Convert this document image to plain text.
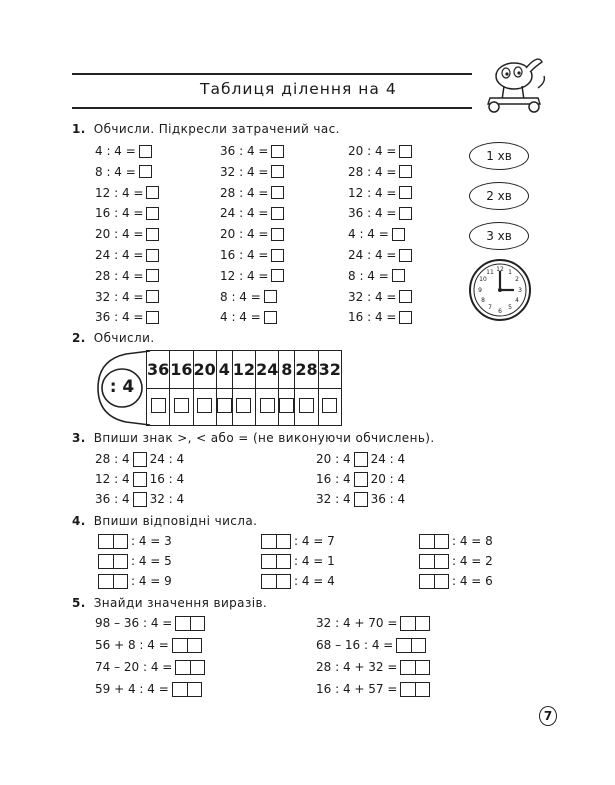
Таблиця ділення на 4
1. Обчисли. Підкресли затрачений час.
4 : 4 =
8 : 4 =
12 : 4 =
16 : 4 =
20 : 4 =
24 : 4 =
28 : 4 =
32 : 4 =
36 : 4 =
36 : 4 =
32 : 4 =
28 : 4 =
24 : 4 =
20 : 4 =
16 : 4 =
12 : 4 =
8 : 4 =
4 : 4 =
20 : 4 =
28 : 4 =
12 : 4 =
36 : 4 =
4 : 4 =
24 : 4 =
8 : 4 =
32 : 4 =
16 : 4 =
1 хв
2 хв
3 хв
12 1
2
3
4
5
6
7
8
9
10
11
2. Обчисли.
: 4
36	16	20	4	12	24	8	28	32

3. Впиши знак >, < або = (не виконуючи обчислень).
28 : 4 24 : 4
12 : 4 16 : 4
36 : 4 32 : 4
20 : 4 24 : 4
16 : 4 20 : 4
32 : 4 36 : 4
4. Впиши відповідні числа.
: 4 = 3
: 4 = 5
: 4 = 9
: 4 = 7
: 4 = 1
: 4 = 4
: 4 = 8
: 4 = 2
: 4 = 6
5. Знайди значення виразів.
98 – 36 : 4 =
56 + 8 : 4 =
74 – 20 : 4 =
59 + 4 : 4 =
32 : 4 + 70 =
68 – 16 : 4 =
28 : 4 + 32 =
16 : 4 + 57 =
7
